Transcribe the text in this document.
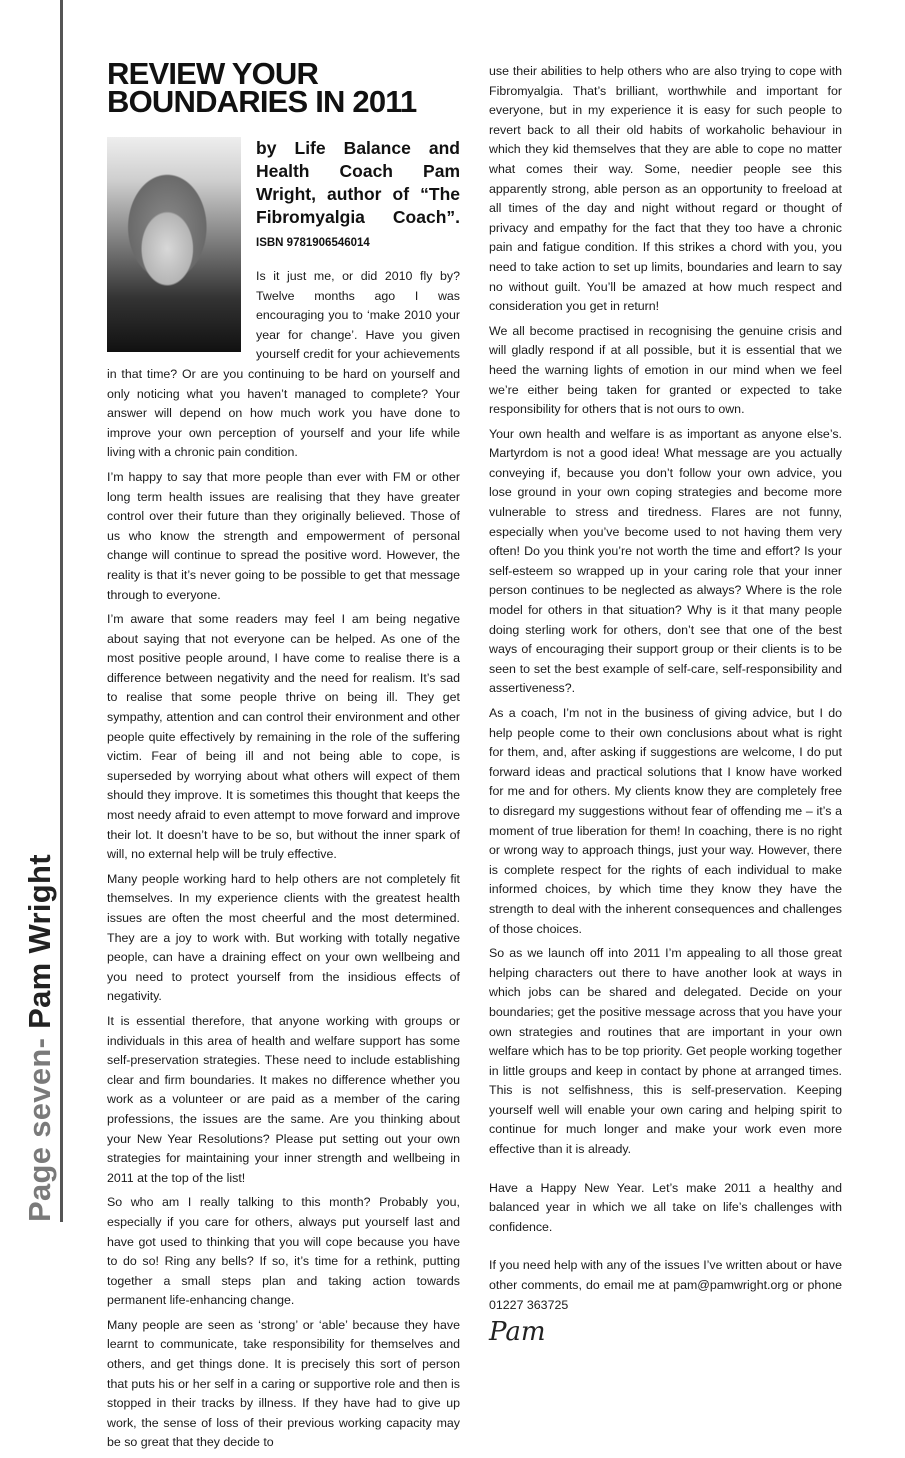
Page seven- Pam Wright
REVIEW YOUR
BOUNDARIES IN 2011
by Life Balance and Health Coach Pam Wright, author of “The Fibromyalgia Coach”. ISBN 9781906546014

Is it just me, or did 2010 fly by? Twelve months ago I was encouraging you to ‘make 2010 your year for change’. Have you given yourself credit for your achievements in that time? Or are you continuing to be hard on yourself and only noticing what you haven’t managed to complete? Your answer will depend on how much work you have done to improve your own perception of yourself and your life while living with a chronic pain condition.

I’m happy to say that more people than ever with FM or other long term health issues are realising that they have greater control over their future than they originally believed. Those of us who know the strength and empowerment of personal change will continue to spread the positive word. However, the reality is that it’s never going to be possible to get that message through to everyone.

I’m aware that some readers may feel I am being negative about saying that not everyone can be helped. As one of the most positive people around, I have come to realise there is a difference between negativity and the need for realism. It’s sad to realise that some people thrive on being ill. They get sympathy, attention and can control their environment and other people quite effectively by remaining in the role of the suffering victim. Fear of being ill and not being able to cope, is superseded by worrying about what others will expect of them should they improve. It is sometimes this thought that keeps the most needy afraid to even attempt to move forward and improve their lot. It doesn’t have to be so, but without the inner spark of will, no external help will be truly effective.

Many people working hard to help others are not completely fit themselves. In my experience clients with the greatest health issues are often the most cheerful and the most determined. They are a joy to work with. But working with totally negative people, can have a draining effect on your own wellbeing and you need to protect yourself from the insidious effects of negativity.

It is essential therefore, that anyone working with groups or individuals in this area of health and welfare support has some self-preservation strategies. These need to include establishing clear and firm boundaries. It makes no difference whether you work as a volunteer or are paid as a member of the caring professions, the issues are the same. Are you thinking about your New Year Resolutions? Please put setting out your own strategies for maintaining your inner strength and wellbeing in 2011 at the top of the list!

So who am I really talking to this month? Probably you, especially if you care for others, always put yourself last and have got used to thinking that you will cope because you have to do so! Ring any bells? If so, it’s time for a rethink, putting together a small steps plan and taking action towards permanent life-enhancing change.

Many people are seen as ‘strong’ or ‘able’ because they have learnt to communicate, take responsibility for themselves and others, and get things done. It is precisely this sort of person that puts his or her self in a caring or supportive role and then is stopped in their tracks by illness. If they have had to give up work, the sense of loss of their previous working capacity may be so great that they decide to

use their abilities to help others who are also trying to cope with Fibromyalgia. That’s brilliant, worthwhile and important for everyone, but in my experience it is easy for such people to revert back to all their old habits of workaholic behaviour in which they kid themselves that they are able to cope no matter what comes their way. Some, needier people see this apparently strong, able person as an opportunity to freeload at all times of the day and night without regard or thought of privacy and empathy for the fact that they too have a chronic pain and fatigue condition. If this strikes a chord with you, you need to take action to set up limits, boundaries and learn to say no without guilt. You’ll be amazed at how much respect and consideration you get in return!

We all become practised in recognising the genuine crisis and will gladly respond if at all possible, but it is essential that we heed the warning lights of emotion in our mind when we feel we’re either being taken for granted or expected to take responsibility for others that is not ours to own.

Your own health and welfare is as important as anyone else’s. Martyrdom is not a good idea! What message are you actually conveying if, because you don’t follow your own advice, you lose ground in your own coping strategies and become more vulnerable to stress and tiredness. Flares are not funny, especially when you’ve become used to not having them very often! Do you think you’re not worth the time and effort? Is your self-esteem so wrapped up in your caring role that your inner person continues to be neglected as always? Where is the role model for others in that situation? Why is it that many people doing sterling work for others, don’t see that one of the best ways of encouraging their support group or their clients is to be seen to set the best example of self-care, self-responsibility and assertiveness?.

As a coach, I’m not in the business of giving advice, but I do help people come to their own conclusions about what is right for them, and, after asking if suggestions are welcome, I do put forward ideas and practical solutions that I know have worked for me and for others. My clients know they are completely free to disregard my suggestions without fear of offending me – it’s a moment of true liberation for them! In coaching, there is no right or wrong way to approach things, just your way. However, there is complete respect for the rights of each individual to make informed choices, by which time they know they have the strength to deal with the inherent consequences and challenges of those choices.

So as we launch off into 2011 I’m appealing to all those great helping characters out there to have another look at ways in which jobs can be shared and delegated. Decide on your boundaries; get the positive message across that you have your own strategies and routines that are important in your own welfare which has to be top priority. Get people working together in little groups and keep in contact by phone at arranged times. This is not selfishness, this is self-preservation. Keeping yourself well will enable your own caring and helping spirit to continue for much longer and make your work even more effective than it is already.

Have a Happy New Year. Let’s make 2011 a healthy and balanced year in which we all take on life’s challenges with confidence.

If you need help with any of the issues I’ve written about or have other comments, do email me at pam@pamwright.org or phone 01227 363725

Pam
